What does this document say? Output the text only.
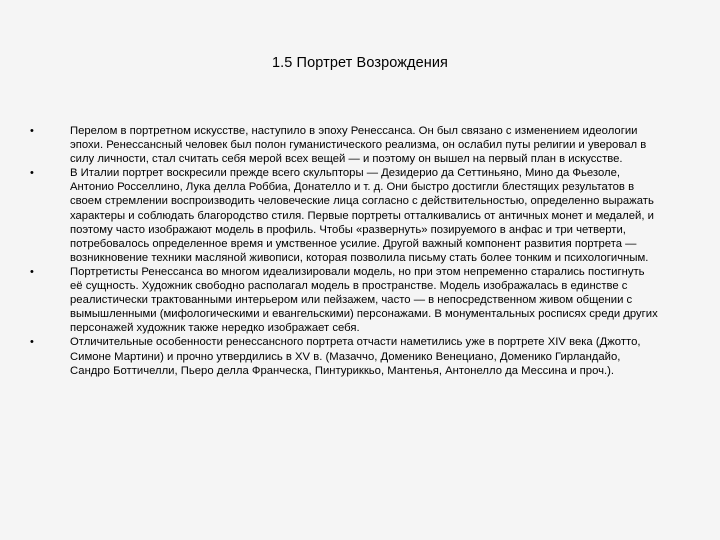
1.5 Портрет Возрождения
•	Перелом в портретном искусстве, наступило в эпоху Ренессанса. Он был связано с изменением идеологии эпохи. Ренессансный человек был полон гуманистического реализма, он ослабил путы религии и уверовал в силу личности, стал считать себя мерой всех вещей — и поэтому он вышел на первый план в искусстве.
•	В Италии портрет воскресили прежде всего скульпторы — Дезидерио да Сеттиньяно, Мино да Фьезоле, Антонио Росселлино, Лука делла Роббиа, Донателло и т. д. Они быстро достигли блестящих результатов в своем стремлении воспроизводить человеческие лица согласно с действительностью, определенно выражать характеры и соблюдать благородство стиля. Первые портреты отталкивались от античных монет и медалей, и поэтому часто изображают модель в профиль. Чтобы «развернуть» позируемого в анфас и три четверти, потребовалось определенное время и умственное усилие. Другой важный компонент развития портрета — возникновение техники масляной живописи, которая позволила письму стать более тонким и психологичным.
•	Портретисты Ренессанса во многом идеализировали модель, но при этом непременно старались постигнуть её сущность. Художник свободно располагал модель в пространстве. Модель изображалась в единстве с реалистически трактованными интерьером или пейзажем, часто — в непосредственном живом общении с вымышленными (мифологическими и евангельскими) персонажами. В монументальных росписях среди других персонажей художник также нередко изображает себя.
•	Отличительные особенности ренессансного портрета отчасти наметились уже в портрете XIV века (Джотто, Симоне Мартини) и прочно утвердились в XV в. (Мазаччо, Доменико Венециано, Доменико Гирландайо, Сандро Боттичелли, Пьеро делла Франческа, Пинтуриккьо, Мантенья, Антонелло да Мессина и проч.).
